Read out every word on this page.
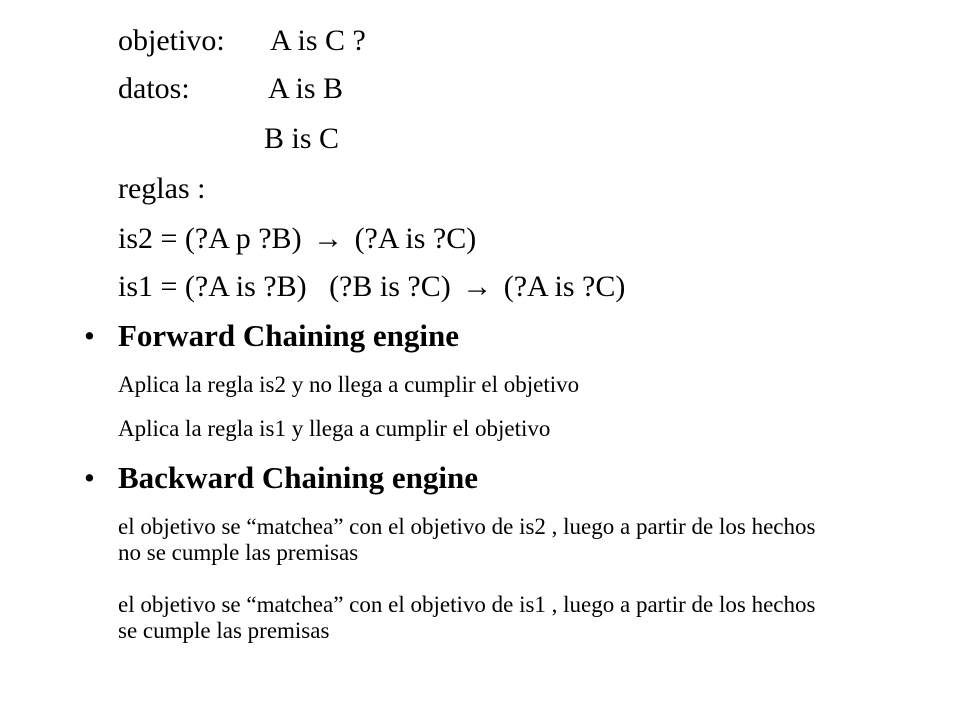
objetivo: A is C ?
datos:	A is B
B is C
reglas :
is2 = (?A p ?B) → (?A is ?C)
is1 = (?A is ?B)   (?B is ?C) → (?A is ?C)
• Forward Chaining engine
Aplica la regla is2 y no llega a cumplir el objetivo
Aplica la regla is1 y llega a cumplir el objetivo
• Backward Chaining engine
el objetivo se “matchea” con el objetivo de is2 , luego a partir de los hechos no se cumple las premisas
el objetivo se “matchea” con el objetivo de is1 , luego a partir de los hechos se cumple las premisas
